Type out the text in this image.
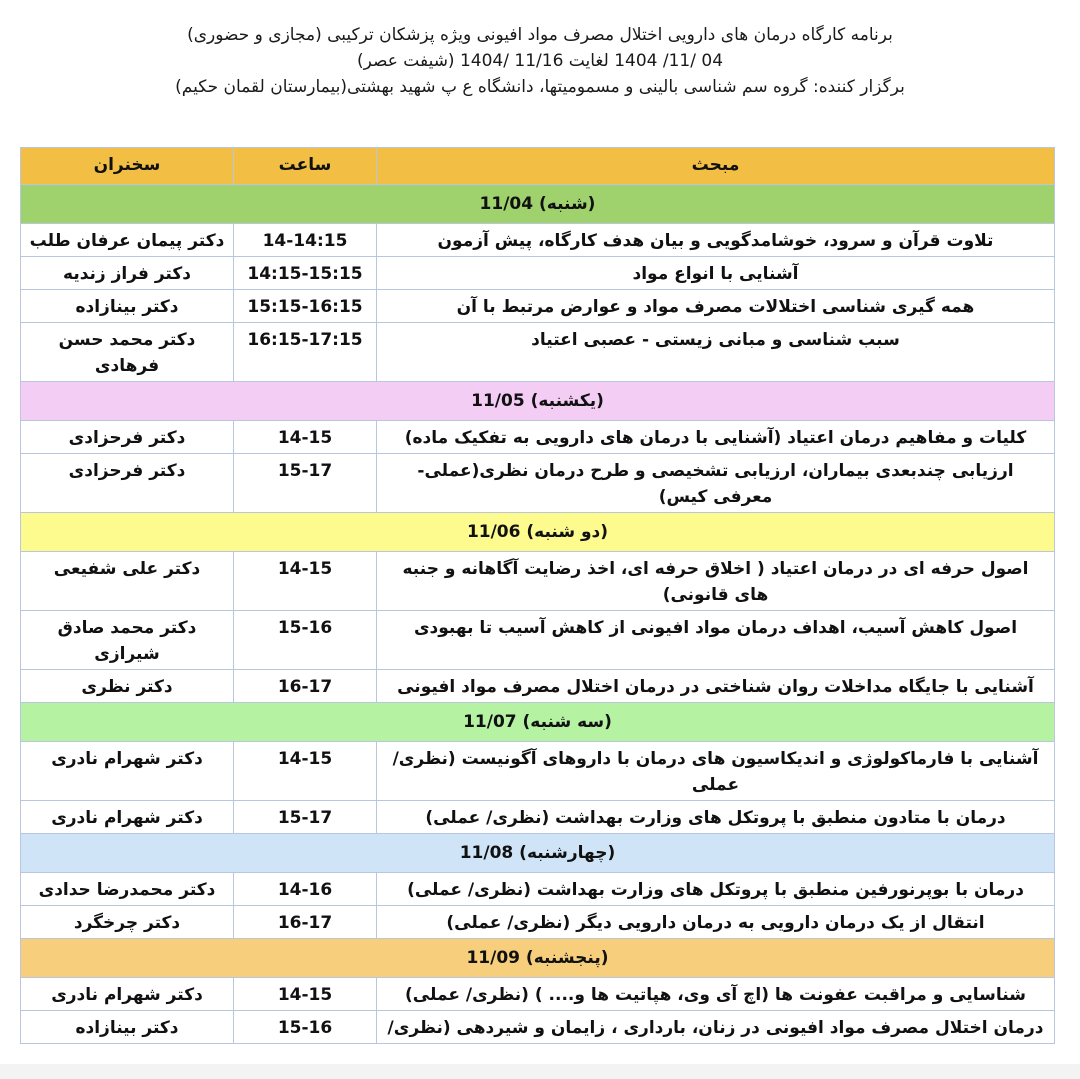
برنامه کارگاه درمان های دارویی اختلال مصرف مواد افیونی ویژه پزشکان ترکیبی (مجازی و حضوری)
04 /11/ 1404 لغایت 11/16 /1404 (شیفت عصر)
برگزار کننده: گروه سم شناسی بالینی و مسمومیتها، دانشگاه ع پ شهید بهشتی(بیمارستان لقمان حکیم)
مبحث	ساعت	سخنران
(شنبه) 11/04		
تلاوت قرآن و سرود، خوشامدگویی و بیان هدف کارگاه، پیش آزمون	14-14:15	دکتر پیمان عرفان طلب
آشنایی با انواع مواد	14:15-15:15	دکتر فراز زندیه
همه گیری شناسی اختلالات مصرف مواد و عوارض مرتبط با آن	15:15-16:15	دکتر بینازاده
سبب شناسی و مبانی زیستی - عصبی اعتیاد	16:15-17:15	دکتر محمد حسن فرهادی
(یکشنبه) 11/05		
کلیات و مفاهیم درمان اعتیاد (آشنایی با درمان های دارویی به تفکیک ماده)	14-15	دکتر فرحزادی
ارزیابی چندبعدی بیماران، ارزیابی تشخیصی و طرح درمان نظری(عملی- معرفی کیس)	15-17	دکتر فرحزادی
(دو شنبه) 11/06		
اصول حرفه ای در درمان اعتیاد ( اخلاق حرفه ای، اخذ رضایت آگاهانه و جنبه های قانونی)	14-15	دکتر علی شفیعی
اصول کاهش آسیب، اهداف درمان مواد افیونی از کاهش آسیب تا بهبودی	15-16	دکتر محمد صادق شیرازی
آشنایی با جایگاه مداخلات روان شناختی در درمان اختلال مصرف مواد افیونی	16-17	دکتر نظری
(سه شنبه) 11/07		
آشنایی با فارماکولوژی و اندیکاسیون های درمان با داروهای آگونیست (نظری/ عملی	14-15	دکتر شهرام نادری
درمان با متادون منطبق با پروتکل های وزارت بهداشت (نظری/ عملی)	15-17	دکتر شهرام نادری
(چهارشنبه) 11/08		
درمان با بوپرنورفین منطبق با پروتکل های وزارت بهداشت (نظری/ عملی)	14-16	دکتر محمدرضا حدادی
انتقال از یک درمان دارویی به درمان دارویی دیگر (نظری/ عملی)	16-17	دکتر چرخگرد
(پنجشنبه) 11/09		
شناسایی و مراقبت عفونت ها (اچ آی وی، هپاتیت ها و.... ) (نظری/ عملی)	14-15	دکتر شهرام نادری
درمان اختلال مصرف مواد افیونی در زنان، بارداری ، زایمان و شیردهی (نظری/	15-16	دکتر بینازاده
